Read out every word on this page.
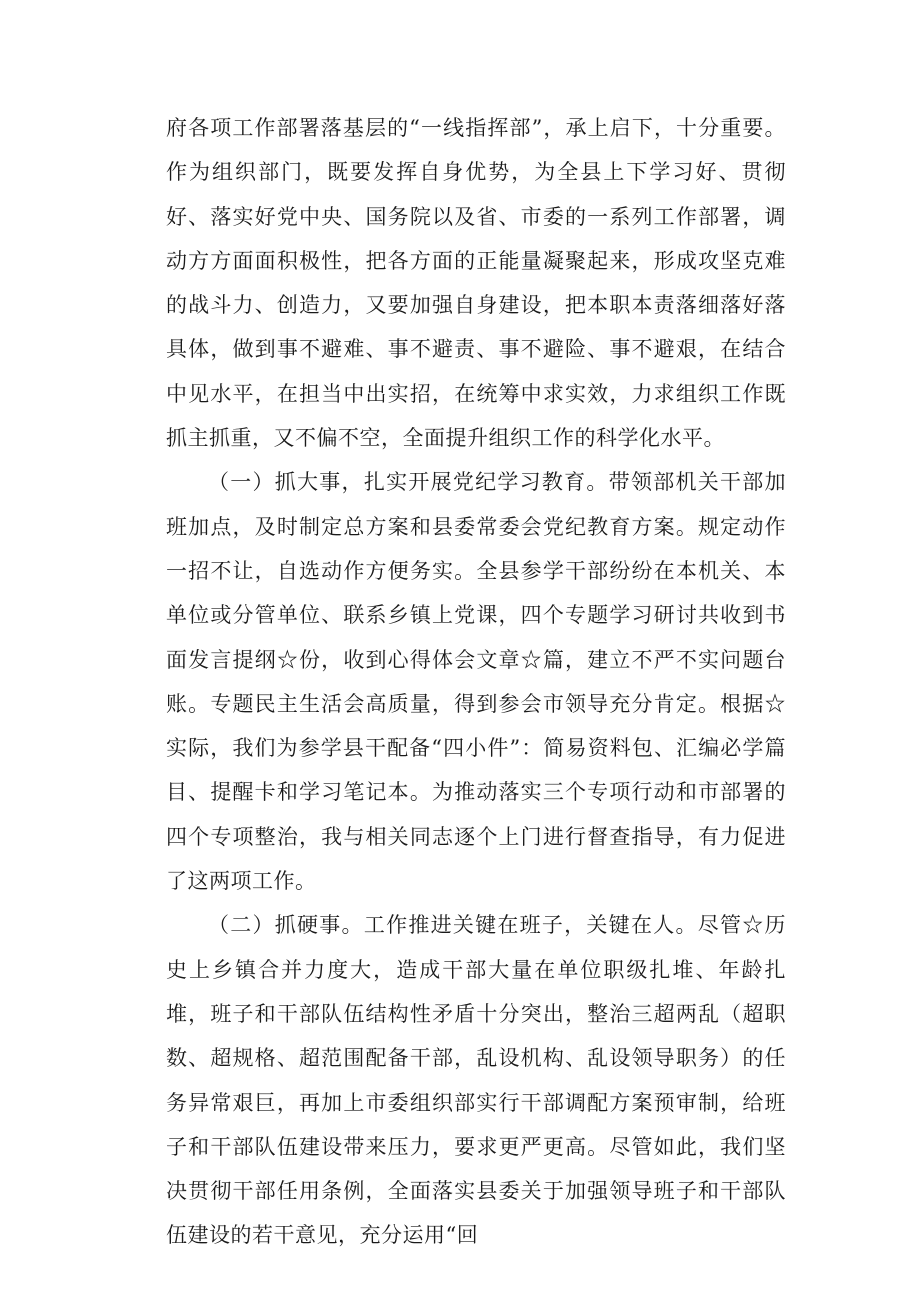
府各项工作部署落基层的“一线指挥部”，承上启下，十分重要。作为组织部门，既要发挥自身优势，为全县上下学习好、贯彻好、落实好党中央、国务院以及省、市委的一系列工作部署，调动方方面面积极性，把各方面的正能量凝聚起来，形成攻坚克难的战斗力、创造力，又要加强自身建设，把本职本责落细落好落具体，做到事不避难、事不避责、事不避险、事不避艰，在结合中见水平，在担当中出实招，在统筹中求实效，力求组织工作既抓主抓重，又不偏不空，全面提升组织工作的科学化水平。

（一）抓大事，扎实开展党纪学习教育。带领部机关干部加班加点，及时制定总方案和县委常委会党纪教育方案。规定动作一招不让，自选动作方便务实。全县参学干部纷纷在本机关、本单位或分管单位、联系乡镇上党课，四个专题学习研讨共收到书面发言提纲☆份，收到心得体会文章☆篇，建立不严不实问题台账。专题民主生活会高质量，得到参会市领导充分肯定。根据☆实际，我们为参学县干配备“四小件”：简易资料包、汇编必学篇目、提醒卡和学习笔记本。为推动落实三个专项行动和市部署的四个专项整治，我与相关同志逐个上门进行督查指导，有力促进了这两项工作。

（二）抓硬事。工作推进关键在班子，关键在人。尽管☆历史上乡镇合并力度大，造成干部大量在单位职级扎堆、年龄扎堆，班子和干部队伍结构性矛盾十分突出，整治三超两乱（超职数、超规格、超范围配备干部，乱设机构、乱设领导职务）的任务异常艰巨，再加上市委组织部实行干部调配方案预审制，给班子和干部队伍建设带来压力，要求更严更高。尽管如此，我们坚决贯彻干部任用条例，全面落实县委关于加强领导班子和干部队伍建设的若干意见，充分运用“回
